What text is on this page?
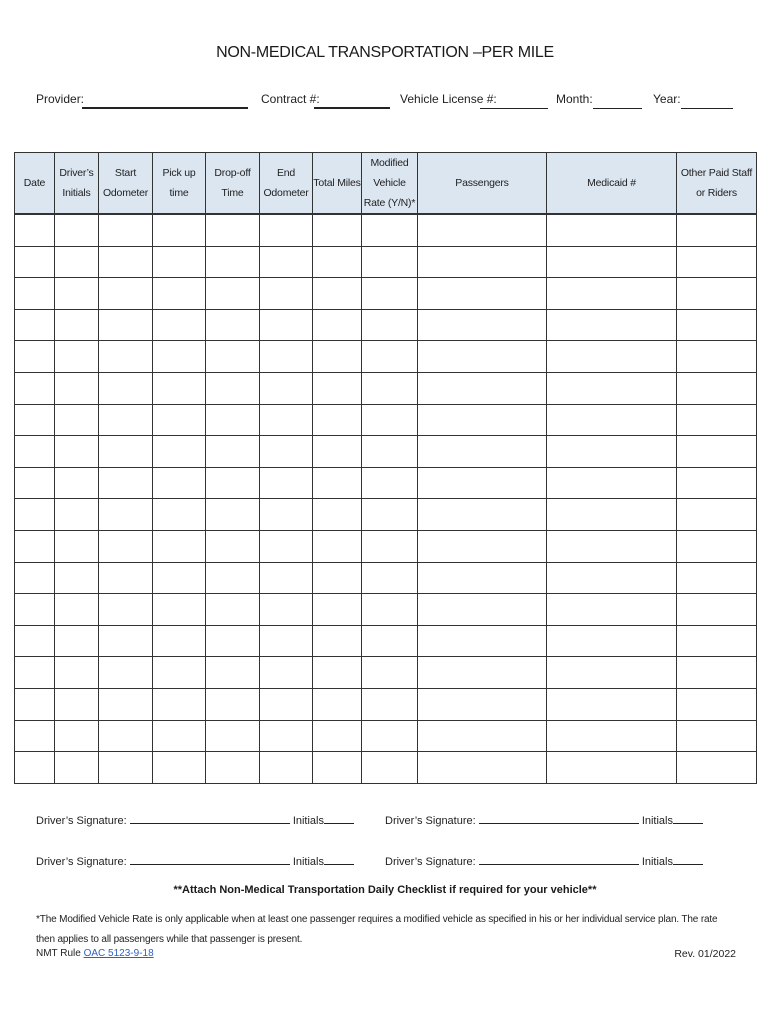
NON-MEDICAL TRANSPORTATION –PER MILE
Provider:	Contract #:	Vehicle License #:	Month:	Year:
Date	Driver’s Initials	Start Odometer	Pick up time	Drop-off Time	End Odometer	Total Miles	Modified Vehicle Rate (Y/N)*	Passengers	Medicaid #	Other Paid Staff or Riders

Driver’s Signature:	Initials	Driver’s Signature:	Initials
Driver’s Signature:	Initials	Driver’s Signature:	Initials
**Attach Non-Medical Transportation Daily Checklist if required for your vehicle**
*The Modified Vehicle Rate is only applicable when at least one passenger requires a modified vehicle as specified in his or her individual service plan. The rate then applies to all passengers while that passenger is present.
NMT Rule OAC 5123-9-18	Rev. 01/2022
